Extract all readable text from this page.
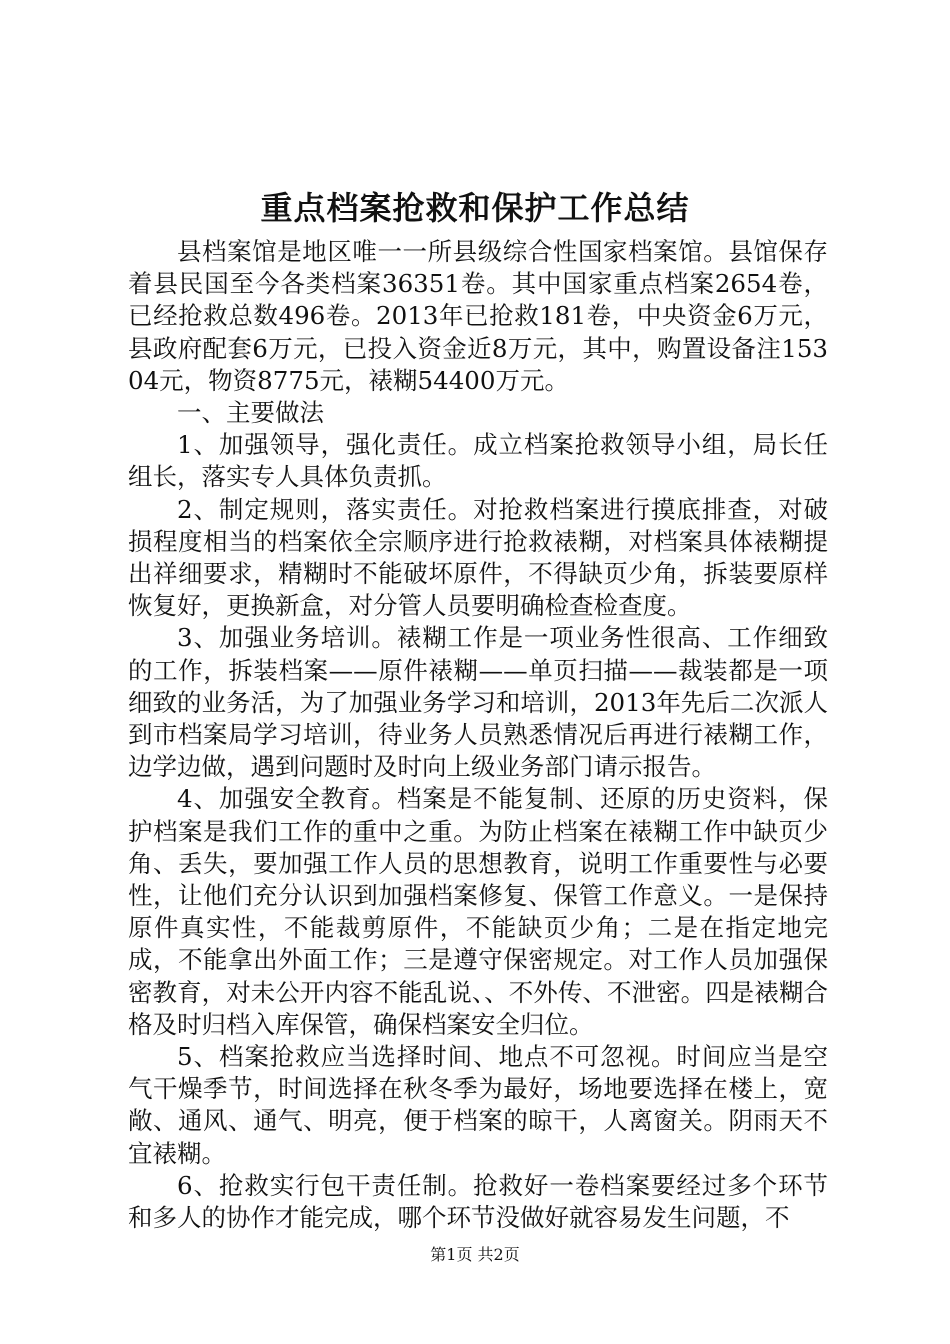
重点档案抢救和保护工作总结

县档案馆是地区唯一一所县级综合性国家档案馆。县馆保存着县民国至今各类档案36351卷。其中国家重点档案2654卷，已经抢救总数496卷。2013年已抢救181卷，中央资金6万元，县政府配套6万元，已投入资金近8万元，其中，购置设备注15304元，物资8775元，裱糊54400万元。

一、主要做法

1、加强领导，强化责任。成立档案抢救领导小组，局长任组长，落实专人具体负责抓。

2、制定规则，落实责任。对抢救档案进行摸底排查，对破损程度相当的档案依全宗顺序进行抢救裱糊，对档案具体裱糊提出祥细要求，精糊时不能破坏原件，不得缺页少角，拆装要原样恢复好，更换新盒，对分管人员要明确检查检查度。

3、加强业务培训。裱糊工作是一项业务性很高、工作细致的工作，拆装档案——原件裱糊——单页扫描——裁装都是一项细致的业务活，为了加强业务学习和培训，2013年先后二次派人到市档案局学习培训，待业务人员熟悉情况后再进行裱糊工作，边学边做，遇到问题时及时向上级业务部门请示报告。

4、加强安全教育。档案是不能复制、还原的历史资料，保护档案是我们工作的重中之重。为防止档案在裱糊工作中缺页少角、丢失，要加强工作人员的思想教育，说明工作重要性与必要性，让他们充分认识到加强档案修复、保管工作意义。一是保持原件真实性，不能裁剪原件，不能缺页少角；二是在指定地完成，不能拿出外面工作；三是遵守保密规定。对工作人员加强保密教育，对未公开内容不能乱说、、不外传、不泄密。四是裱糊合格及时归档入库保管，确保档案安全归位。

5、档案抢救应当选择时间、地点不可忽视。时间应当是空气干燥季节，时间选择在秋冬季为最好，场地要选择在楼上，宽敞、通风、通气、明亮，便于档案的晾干，人离窗关。阴雨天不宜裱糊。

6、抢救实行包干责任制。抢救好一卷档案要经过多个环节和多人的协作才能完成，哪个环节没做好就容易发生问题，不

第1页 共2页
